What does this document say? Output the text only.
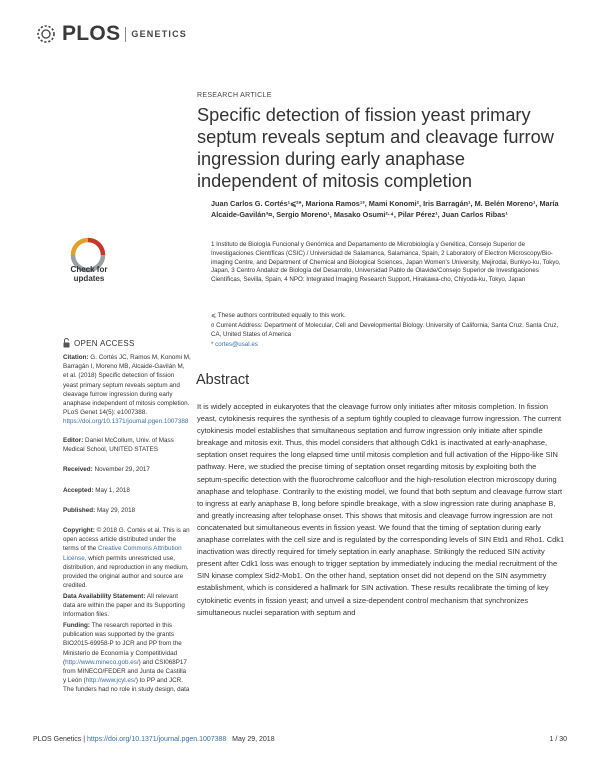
PLOS GENETICS
Check for updates
OPEN ACCESS

Citation: G. Cortés JC, Ramos M, Konomi M, Barragán I, Moreno MB, Alcaide-Gavilán M, et al. (2018) Specific detection of fission yeast primary septum reveals septum and cleavage furrow ingression during early anaphase independent of mitosis completion. PLoS Genet 14(5): e1007388. https://doi.org/10.1371/journal.pgen.1007388

Editor: Daniel McCollum, Univ. of Mass Medical School, UNITED STATES

Received: November 29, 2017

Accepted: May 1, 2018

Published: May 29, 2018

Copyright: © 2018 G. Cortés et al. This is an open access article distributed under the terms of the Creative Commons Attribution License, which permits unrestricted use, distribution, and reproduction in any medium, provided the original author and source are credited.

Data Availability Statement: All relevant data are within the paper and its Supporting Information files.

Funding: The research reported in this publication was supported by the grants BIO2015-69958-P to JCR and PP from the Ministerio de Economía y Competitividad (http://www.mineco.gob.es/) and CSI068P17 from MINECO/FEDER and Junta de Castilla y León (http://www.jcyl.es/) to PP and JCR. The funders had no role in study design, data

RESEARCH ARTICLE
Specific detection of fission yeast primary septum reveals septum and cleavage furrow ingression during early anaphase independent of mitosis completion
Juan Carlos G. Cortés¹⩽²*, Mariona Ramos¹³, Mami Konomi², Iris Barragán¹, M. Belén Moreno¹, María Alcaide-Gavilán³¤, Sergio Moreno¹, Masako Osumi²·⁴, Pilar Pérez¹, Juan Carlos Ribas¹
1 Instituto de Biología Funcional y Genómica and Departamento de Microbiología y Genética, Consejo Superior de Investigaciones Científicas (CSIC) / Universidad de Salamanca, Salamanca, Spain, 2 Laboratory of Electron Microscopy/Bio-imaging Centre, and Department of Chemical and Biological Sciences, Japan Women's University, Mejirodai, Bunkyo-ku, Tokyo, Japan, 3 Centro Andaluz de Biología del Desarrollo, Universidad Pablo de Olavide/Consejo Superior de Investigaciones Científicas, Sevilla, Spain, 4 NPO: Integrated Imaging Research Support, Hirakawa-cho, Chiyoda-ku, Tokyo, Japan
⩽ These authors contributed equally to this work.
¤ Current Address: Department of Molecular, Cell and Developmental Biology. University of California, Santa Cruz. Santa Cruz, CA, United States of America
* cortes@usal.es
Abstract
It is widely accepted in eukaryotes that the cleavage furrow only initiates after mitosis completion. In fission yeast, cytokinesis requires the synthesis of a septum tightly coupled to cleavage furrow ingression. The current cytokinesis model establishes that simultaneous septation and furrow ingression only initiate after spindle breakage and mitosis exit. Thus, this model considers that although Cdk1 is inactivated at early-anaphase, septation onset requires the long elapsed time until mitosis completion and full activation of the Hippo-like SIN pathway. Here, we studied the precise timing of septation onset regarding mitosis by exploiting both the septum-specific detection with the fluorochrome calcofluor and the high-resolution electron microscopy during anaphase and telophase. Contrarily to the existing model, we found that both septum and cleavage furrow start to ingress at early anaphase B, long before spindle breakage, with a slow ingression rate during anaphase B, and greatly increasing after telophase onset. This shows that mitosis and cleavage furrow ingression are not concatenated but simultaneous events in fission yeast. We found that the timing of septation during early anaphase correlates with the cell size and is regulated by the corresponding levels of SIN Etd1 and Rho1. Cdk1 inactivation was directly required for timely septation in early anaphase. Strikingly the reduced SIN activity present after Cdk1 loss was enough to trigger septation by immediately inducing the medial recruitment of the SIN kinase complex Sid2-Mob1. On the other hand, septation onset did not depend on the SIN asymmetry establishment, which is considered a hallmark for SIN activation. These results recalibrate the timing of key cytokinetic events in fission yeast; and unveil a size-dependent control mechanism that synchronizes simultaneous nuclei separation with septum and
PLOS Genetics | https://doi.org/10.1371/journal.pgen.1007388 May 29, 2018	1 / 30
